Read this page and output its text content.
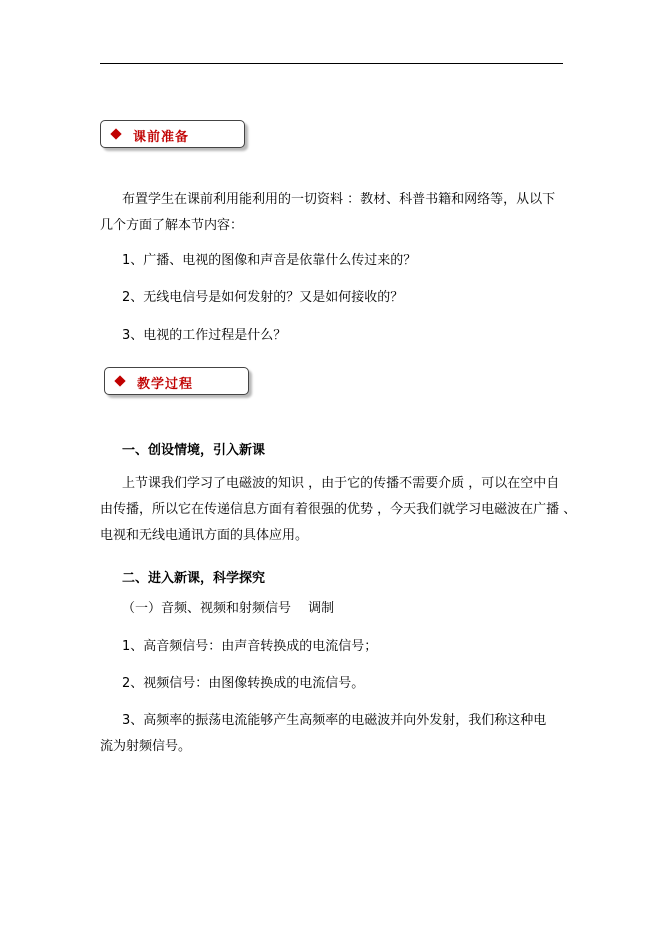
课前准备
布置学生在课前利用能利用的一切资料 ：教材、科普书籍和网络等，从以下
几个方面了解本节内容：
1、广播、电视的图像和声音是依靠什么传过来的？
2、无线电信号是如何发射的？又是如何接收的？
3、电视的工作过程是什么？
教学过程
一、创设情境，引入新课
上节课我们学习了电磁波的知识 ，由于它的传播不需要介质 ，可以在空中自
由传播，所以它在传递信息方面有着很强的优势 ，今天我们就学习电磁波在广播 、
电视和无线电通讯方面的具体应用。
二、进入新课，科学探究
（一）音频、视频和射频信号　 调制
1、高音频信号：由声音转换成的电流信号；
2、视频信号：由图像转换成的电流信号。
3、高频率的振荡电流能够产生高频率的电磁波并向外发射，我们称这种电
流为射频信号。
